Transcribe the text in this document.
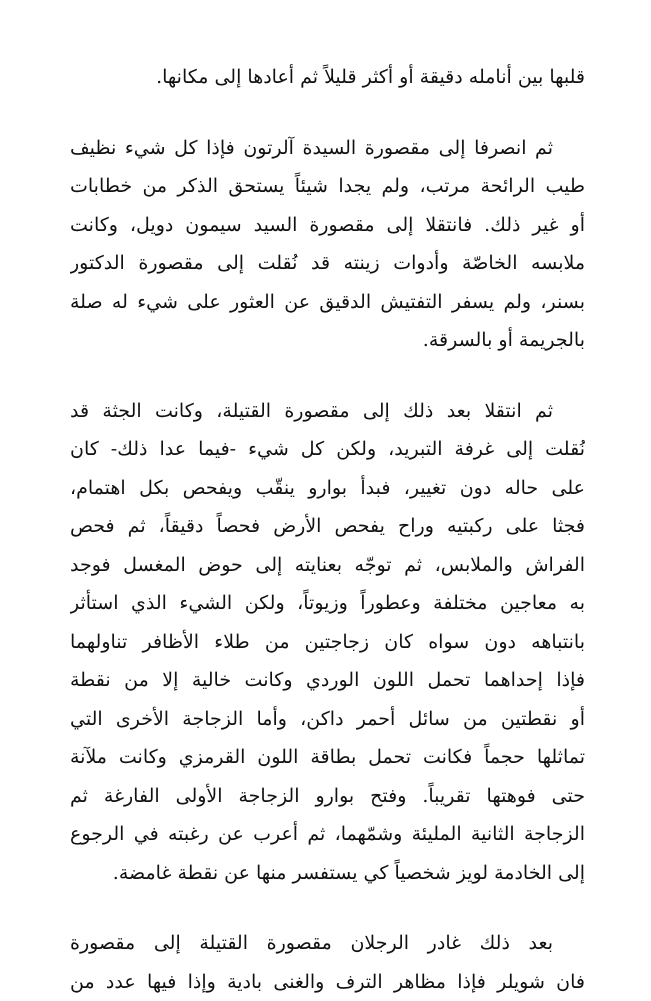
قلبها بين أنامله دقيقة أو أكثر قليلاً ثم أعادها إلى مكانها.
ثم انصرفا إلى مقصورة السيدة آلرتون فإذا كل شيء نظيف
طيب الرائحة مرتب، ولم يجدا شيئاً يستحق الذكر من خطابات
أو غير ذلك. فانتقلا إلى مقصورة السيد سيمون دويل، وكانت
ملابسه الخاصّة وأدوات زينته قد نُقلت إلى مقصورة الدكتور
بسنر، ولم يسفر التفتيش الدقيق عن العثور على شيء له صلة
بالجريمة أو بالسرقة.
ثم انتقلا بعد ذلك إلى مقصورة القتيلة، وكانت الجثة قد
نُقلت إلى غرفة التبريد، ولكن كل شيء -فيما عدا ذلك- كان
على حاله دون تغيير، فبدأ بوارو ينقّب ويفحص بكل اهتمام،
فجثا على ركبتيه وراح يفحص الأرض فحصاً دقيقاً، ثم فحص
الفراش والملابس، ثم توجّه بعنايته إلى حوض المغسل فوجد
به معاجين مختلفة وعطوراً وزيوتاً، ولكن الشيء الذي استأثر
بانتباهه دون سواه كان زجاجتين من طلاء الأظافر تناولهما
فإذا إحداهما تحمل اللون الوردي وكانت خالية إلا من نقطة
أو نقطتين من سائل أحمر داكن، وأما الزجاجة الأخرى التي
تماثلها حجماً فكانت تحمل بطاقة اللون القرمزي وكانت ملآنة
حتى فوهتها تقريباً. وفتح بوارو الزجاجة الأولى الفارغة ثم
الزجاجة الثانية المليئة وشمّهما، ثم أعرب عن رغبته في الرجوع
إلى الخادمة لويز شخصياً كي يستفسر منها عن نقطة غامضة.
بعد ذلك غادر الرجلان مقصورة القتيلة إلى مقصورة
فان شويلر فإذا مظاهر الترف والغنى بادية وإذا فيها عدد من
